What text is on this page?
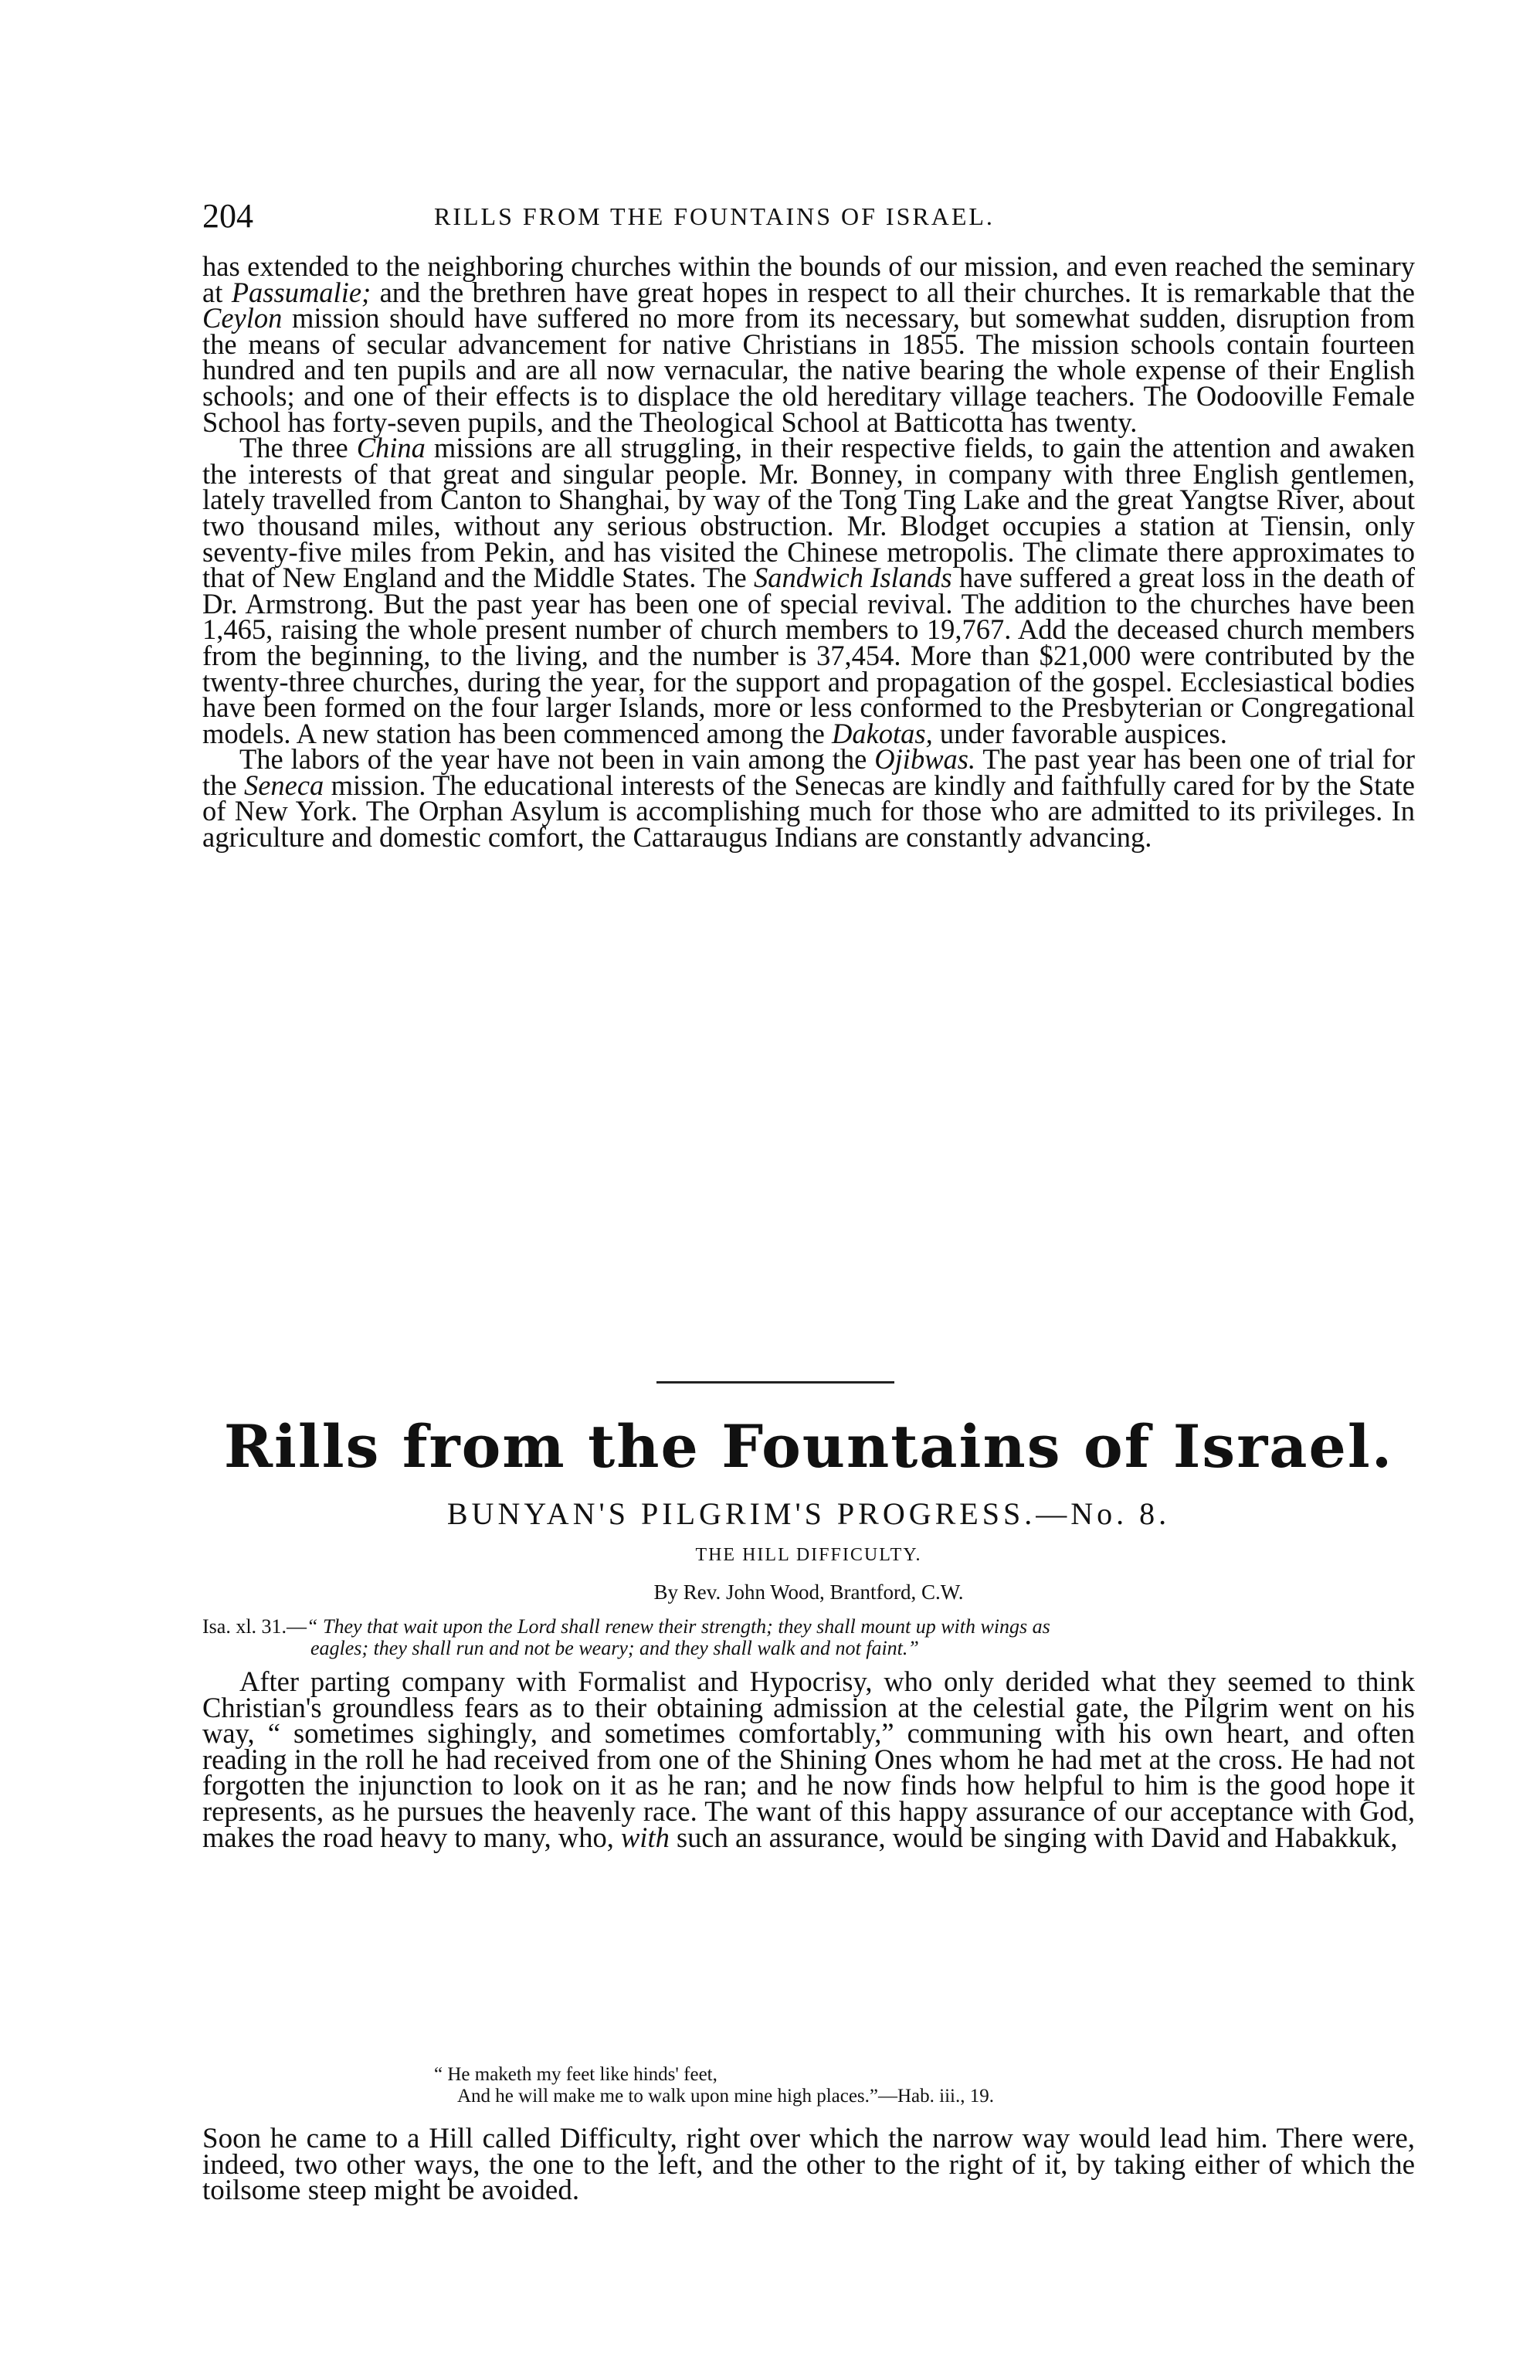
204	RILLS FROM THE FOUNTAINS OF ISRAEL.

has extended to the neighboring churches within the bounds of our mission, and even reached the seminary at Passumalie; and the brethren have great hopes in respect to all their churches. It is remarkable that the Ceylon mission should have suffered no more from its necessary, but somewhat sudden, disruption from the means of secular advancement for native Christians in 1855. The mission schools contain fourteen hundred and ten pupils and are all now vernacular, the native bearing the whole expense of their English schools; and one of their effects is to displace the old hereditary village teachers. The Oodooville Female School has forty-seven pupils, and the Theological School at Batticotta has twenty.

The three China missions are all struggling, in their respective fields, to gain the attention and awaken the interests of that great and singular people. Mr. Bonney, in company with three English gentlemen, lately travelled from Canton to Shanghai, by way of the Tong Ting Lake and the great Yangtse River, about two thousand miles, without any serious obstruction. Mr. Blodget occupies a station at Tiensin, only seventy-five miles from Pekin, and has visited the Chinese metropolis. The climate there approximates to that of New England and the Middle States. The Sandwich Islands have suffered a great loss in the death of Dr. Armstrong. But the past year has been one of special revival. The addition to the churches have been 1,465, raising the whole present number of church members to 19,767. Add the deceased church members from the beginning, to the living, and the number is 37,454. More than $21,000 were contributed by the twenty-three churches, during the year, for the support and propagation of the gospel. Ecclesiastical bodies have been formed on the four larger Islands, more or less conformed to the Presbyterian or Congregational models. A new station has been commenced among the Dakotas, under favorable auspices.

The labors of the year have not been in vain among the Ojibwas. The past year has been one of trial for the Seneca mission. The educational interests of the Senecas are kindly and faithfully cared for by the State of New York. The Orphan Asylum is accomplishing much for those who are admitted to its privileges. In agriculture and domestic comfort, the Cattaraugus Indians are constantly advancing.

Rills from the Fountains of Israel.
BUNYAN'S PILGRIM'S PROGRESS.—No. 8.
THE HILL DIFFICULTY.
By Rev. John Wood, Brantford, C.W.
Isa. xl. 31.—“ They that wait upon the Lord shall renew their strength; they shall mount up with wings as
eagles; they shall run and not be weary; and they shall walk and not faint.”

After parting company with Formalist and Hypocrisy, who only derided what they seemed to think Christian's groundless fears as to their obtaining admission at the celestial gate, the Pilgrim went on his way, “ sometimes sighingly, and sometimes comfortably,” communing with his own heart, and often reading in the roll he had received from one of the Shining Ones whom he had met at the cross. He had not forgotten the injunction to look on it as he ran; and he now finds how helpful to him is the good hope it represents, as he pursues the heavenly race. The want of this happy assurance of our acceptance with God, makes the road heavy to many, who, with such an assurance, would be singing with David and Habakkuk,

“ He maketh my feet like hinds' feet,
And he will make me to walk upon mine high places.”—Hab. iii., 19.

Soon he came to a Hill called Difficulty, right over which the narrow way would lead him. There were, indeed, two other ways, the one to the left, and the other to the right of it, by taking either of which the toilsome steep might be avoided.
